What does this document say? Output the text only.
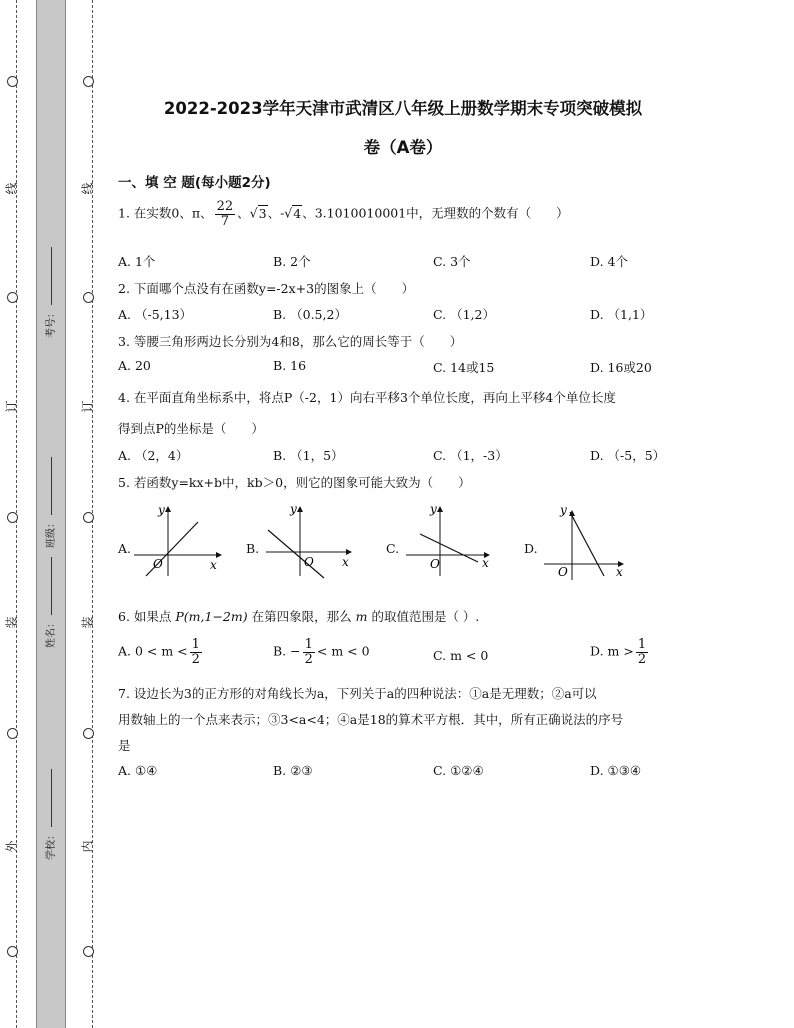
线
订
装
外
线
订
装
内
考号：
班级：
姓名：
学校：
2022-2023学年天津市武清区八年级上册数学期末专项突破模拟
卷（A卷）
一、填 空 题(每小题2分)
1. 在实数0、π、 $\frac{22}{7}$ 、√3、-√4、3.1010010001中，无理数的个数有（　　）
A. 1个	B. 2个	C. 3个	D. 4个
2. 下面哪个点没有在函数y=-2x+3的图象上（　　）
A. （-5,13）	B. （0.5,2）	C. （1,2）	D. （1,1）
3. 等腰三角形两边长分别为4和8，那么它的周长等于（　　）
A. 20	B. 16	C. 14或15	D. 16或20
4. 在平面直角坐标系中，将点P（-2，1）向右平移3个单位长度，再向上平移4个单位长度
得到点P的坐标是（　　）
A. （2，4）	B. （1，5）	C. （1，-3）	D. （-5，5）
5. 若函数y=kx+b中，kb＞0，则它的图象可能大致为（　　）
A.
y
x
O
B.
y
x
O
C.
y
x
O
D.
y
x
O
6. 如果点 P(m,1−2m) 在第四象限，那么 m 的取值范围是（ ）.
A. $0 < m < \frac{1}{2}$	B. − $\frac{1}{2} < m < 0$	C. m < 0	D. $m > \frac{1}{2}$
7. 设边长为3的正方形的对角线长为a，下列关于a的四种说法：①a是无理数；②a可以
用数轴上的一个点来表示；③3<a<4；④a是18的算术平方根．其中，所有正确说法的序号
是
A. ①④	B. ②③	C. ①②④	D. ①③④
